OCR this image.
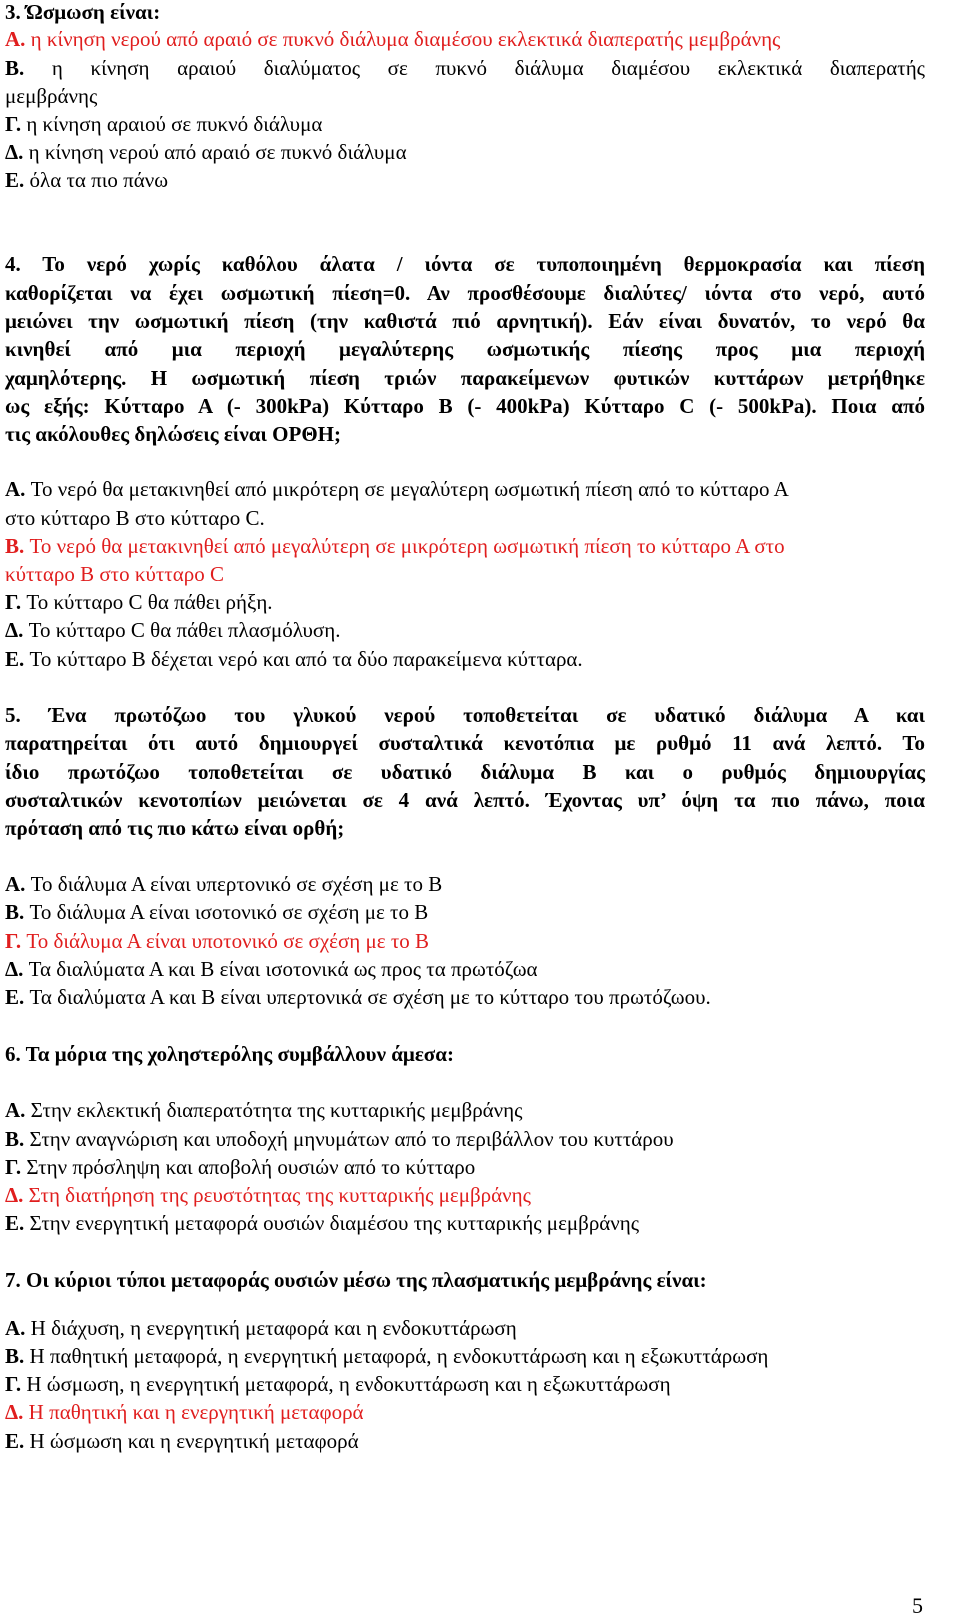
3. Ώσμωση είναι:
Α. η κίνηση νερού από αραιό σε πυκνό διάλυμα διαμέσου εκλεκτικά διαπερατής μεμβράνης
Β. η κίνηση αραιού διαλύματος σε πυκνό διάλυμα διαμέσου εκλεκτικά διαπερατής
μεμβράνης
Γ. η κίνηση αραιού σε πυκνό διάλυμα
Δ. η κίνηση νερού από αραιό σε πυκνό διάλυμα
Ε. όλα τα πιο πάνω
4. Το νερό χωρίς καθόλου άλατα / ιόντα σε τυποποιημένη θερμοκρασία και πίεση
καθορίζεται να έχει ωσμωτική πίεση=0. Αν προσθέσουμε διαλύτες/ ιόντα στο νερό, αυτό
μειώνει την ωσμωτική πίεση (την καθιστά πιό αρνητική). Εάν είναι δυνατόν, το νερό θα
κινηθεί από μια περιοχή μεγαλύτερης ωσμωτικής πίεσης προς μια περιοχή
χαμηλότερης. Η ωσμωτική πίεση τριών παρακείμενων φυτικών κυττάρων μετρήθηκε
ως εξής: Κύτταρο Α (- 300kPa) Κύτταρο Β (- 400kPa) Κύτταρο C (- 500kPa). Ποια από
τις ακόλουθες δηλώσεις είναι ΟΡΘΗ;
Α. Το νερό θα μετακινηθεί από μικρότερη σε μεγαλύτερη ωσμωτική πίεση από το κύτταρο Α
στο κύτταρο Β στο κύτταρο C.
Β. Το νερό θα μετακινηθεί από μεγαλύτερη σε μικρότερη ωσμωτική πίεση το κύτταρο Α στο
κύτταρο Β στο κύτταρο C
Γ. Το κύτταρο C θα πάθει ρήξη.
Δ. Το κύτταρο C θα πάθει πλασμόλυση.
Ε. Το κύτταρο Β δέχεται νερό και από τα δύο παρακείμενα κύτταρα.
5. Ένα πρωτόζωο του γλυκού νερού τοποθετείται σε υδατικό διάλυμα Α και
παρατηρείται ότι αυτό δημιουργεί συσταλτικά κενοτόπια με ρυθμό 11 ανά λεπτό. Το
ίδιο πρωτόζωο τοποθετείται σε υδατικό διάλυμα Β και ο ρυθμός δημιουργίας
συσταλτικών κενοτοπίων μειώνεται σε 4 ανά λεπτό. Έχοντας υπ’ όψη τα πιο πάνω, ποια
πρόταση από τις πιο κάτω είναι ορθή;
Α. Το διάλυμα Α είναι υπερτονικό σε σχέση με το Β
Β. Το διάλυμα Α είναι ισοτονικό σε σχέση με το Β
Γ. Το διάλυμα Α είναι υποτονικό σε σχέση με το Β
Δ. Τα διαλύματα Α και Β είναι ισοτονικά ως προς τα πρωτόζωα
Ε. Τα διαλύματα Α και Β είναι υπερτονικά σε σχέση με το κύτταρο του πρωτόζωου.
6. Τα μόρια της χοληστερόλης συμβάλλουν άμεσα:
Α. Στην εκλεκτική διαπερατότητα της κυτταρικής μεμβράνης
Β. Στην αναγνώριση και υποδοχή μηνυμάτων από το περιβάλλον του κυττάρου
Γ. Στην πρόσληψη και αποβολή ουσιών από το κύτταρο
Δ. Στη διατήρηση της ρευστότητας της κυτταρικής μεμβράνης
Ε. Στην ενεργητική μεταφορά ουσιών διαμέσου της κυτταρικής μεμβράνης
7. Οι κύριοι τύποι μεταφοράς ουσιών μέσω της πλασματικής μεμβράνης είναι:
Α. Η διάχυση, η ενεργητική μεταφορά και η ενδοκυττάρωση
Β. Η παθητική μεταφορά, η ενεργητική μεταφορά, η ενδοκυττάρωση και η εξωκυττάρωση
Γ. Η ώσμωση, η ενεργητική μεταφορά, η ενδοκυττάρωση και η εξωκυττάρωση
Δ. Η παθητική και η ενεργητική μεταφορά
Ε. Η ώσμωση και η ενεργητική μεταφορά
5
